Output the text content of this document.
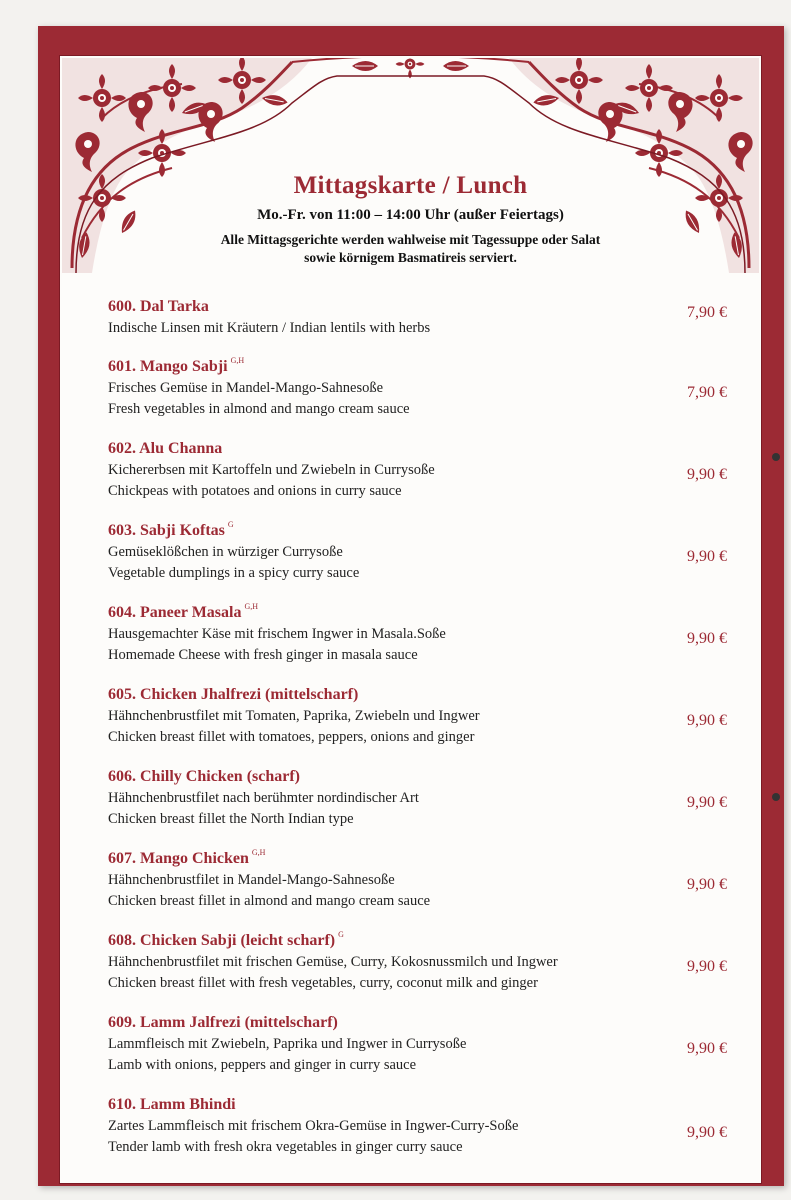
Mittagskarte / Lunch
Mo.-Fr. von 11:00 – 14:00 Uhr (außer Feiertags)
Alle Mittagsgerichte werden wahlweise mit Tagessuppe oder Salat
sowie körnigem Basmatireis serviert.
600. Dal Tarka
Indische Linsen mit Kräutern / Indian lentils with herbs
7,90 €
601. Mango Sabji $^{G,H}$
Frisches Gemüse in Mandel-Mango-Sahnesoße
Fresh vegetables in almond and mango cream sauce
7,90 €
602. Alu Channa
Kichererbsen mit Kartoffeln und Zwiebeln in Currysoße
Chickpeas with potatoes and onions in curry sauce
9,90 €
603. Sabji Koftas $^G$
Gemüseklößchen in würziger Currysoße
Vegetable dumplings in a spicy curry sauce
9,90 €
604. Paneer Masala $^{G,H}$
Hausgemachter Käse mit frischem Ingwer in Masala.Soße
Homemade Cheese with fresh ginger in masala sauce
9,90 €
605. Chicken Jhalfrezi (mittelscharf)
Hähnchenbrustfilet mit Tomaten, Paprika, Zwiebeln und Ingwer
Chicken breast fillet with tomatoes, peppers, onions and ginger
9,90 €
606. Chilly Chicken (scharf)
Hähnchenbrustfilet nach berühmter nordindischer Art
Chicken breast fillet the North Indian type
9,90 €
607. Mango Chicken $^{G,H}$
Hähnchenbrustfilet in Mandel-Mango-Sahnesoße
Chicken breast fillet in almond and mango cream sauce
9,90 €
608. Chicken Sabji (leicht scharf) $^G$
Hähnchenbrustfilet mit frischen Gemüse, Curry, Kokosnussmilch und Ingwer
Chicken breast fillet with fresh vegetables, curry, coconut milk and ginger
9,90 €
609. Lamm Jalfrezi (mittelscharf)
Lammfleisch mit Zwiebeln, Paprika und Ingwer in Currysoße
Lamb with onions, peppers and ginger in curry sauce
9,90 €
610. Lamm Bhindi
Zartes Lammfleisch mit frischem Okra-Gemüse in Ingwer-Curry-Soße
Tender lamb with fresh okra vegetables in ginger curry sauce
9,90 €
